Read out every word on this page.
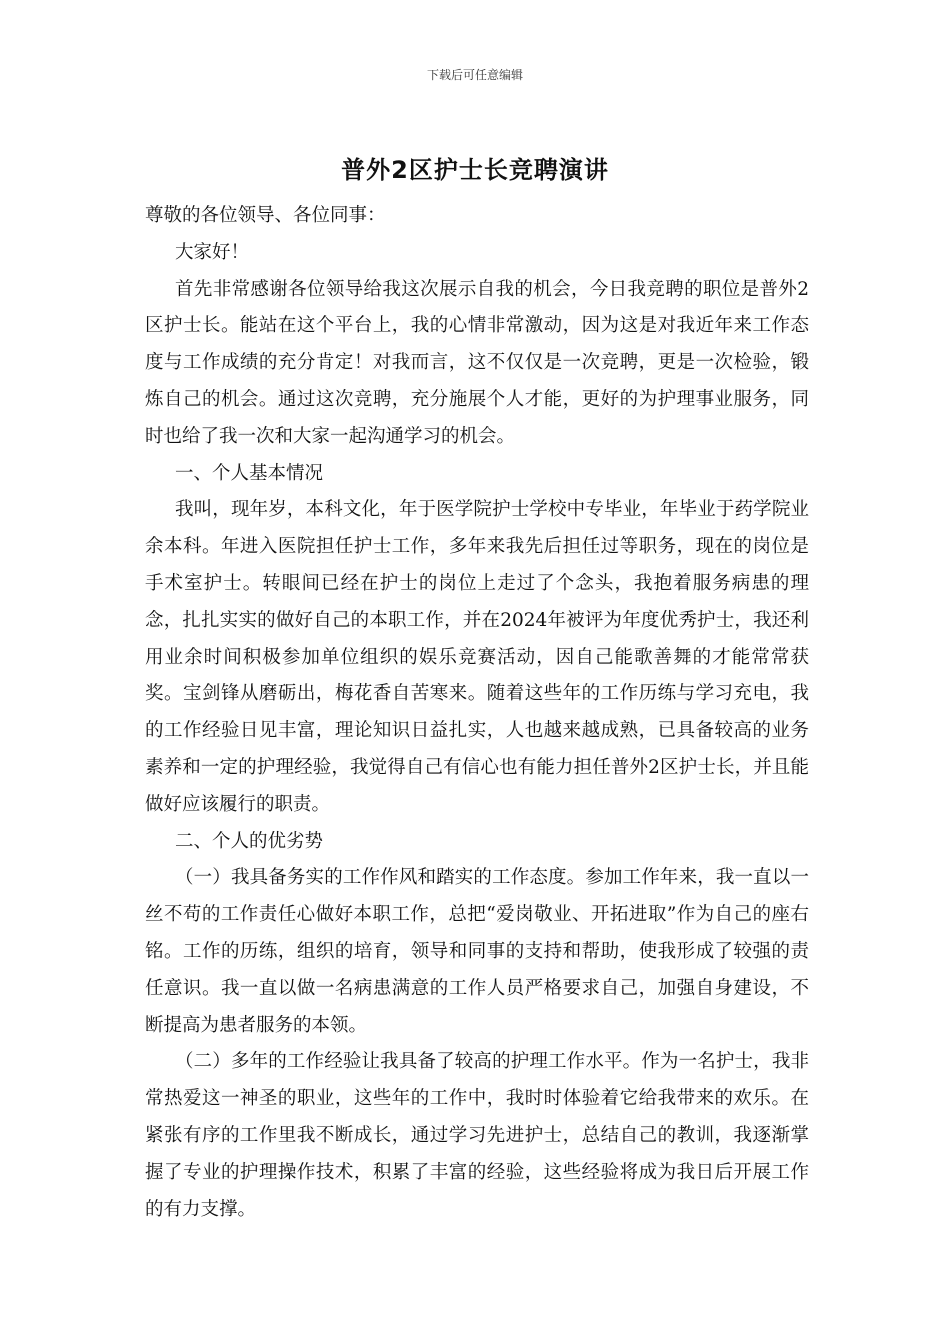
下载后可任意编辑
普外2区护士长竞聘演讲

尊敬的各位领导、各位同事：

大家好！

首先非常感谢各位领导给我这次展示自我的机会，今日我竞聘的职位是普外2区护士长。能站在这个平台上，我的心情非常激动，因为这是对我近年来工作态度与工作成绩的充分肯定！对我而言，这不仅仅是一次竞聘，更是一次检验，锻炼自己的机会。通过这次竞聘，充分施展个人才能，更好的为护理事业服务，同时也给了我一次和大家一起沟通学习的机会。

一、个人基本情况

我叫，现年岁，本科文化，年于医学院护士学校中专毕业，年毕业于药学院业余本科。年进入医院担任护士工作，多年来我先后担任过等职务，现在的岗位是手术室护士。转眼间已经在护士的岗位上走过了个念头，我抱着服务病患的理念，扎扎实实的做好自己的本职工作，并在2024年被评为年度优秀护士，我还利用业余时间积极参加单位组织的娱乐竞赛活动，因自己能歌善舞的才能常常获奖。宝剑锋从磨砺出，梅花香自苦寒来。随着这些年的工作历练与学习充电，我的工作经验日见丰富，理论知识日益扎实，人也越来越成熟，已具备较高的业务素养和一定的护理经验，我觉得自己有信心也有能力担任普外2区护士长，并且能做好应该履行的职责。

二、个人的优劣势

（一）我具备务实的工作作风和踏实的工作态度。参加工作年来，我一直以一丝不苟的工作责任心做好本职工作，总把“爱岗敬业、开拓进取”作为自己的座右铭。工作的历练，组织的培育，领导和同事的支持和帮助，使我形成了较强的责任意识。我一直以做一名病患满意的工作人员严格要求自己，加强自身建设，不断提高为患者服务的本领。

（二）多年的工作经验让我具备了较高的护理工作水平。作为一名护士，我非常热爱这一神圣的职业，这些年的工作中，我时时体验着它给我带来的欢乐。在紧张有序的工作里我不断成长，通过学习先进护士，总结自己的教训，我逐渐掌握了专业的护理操作技术，积累了丰富的经验，这些经验将成为我日后开展工作的有力支撑。
